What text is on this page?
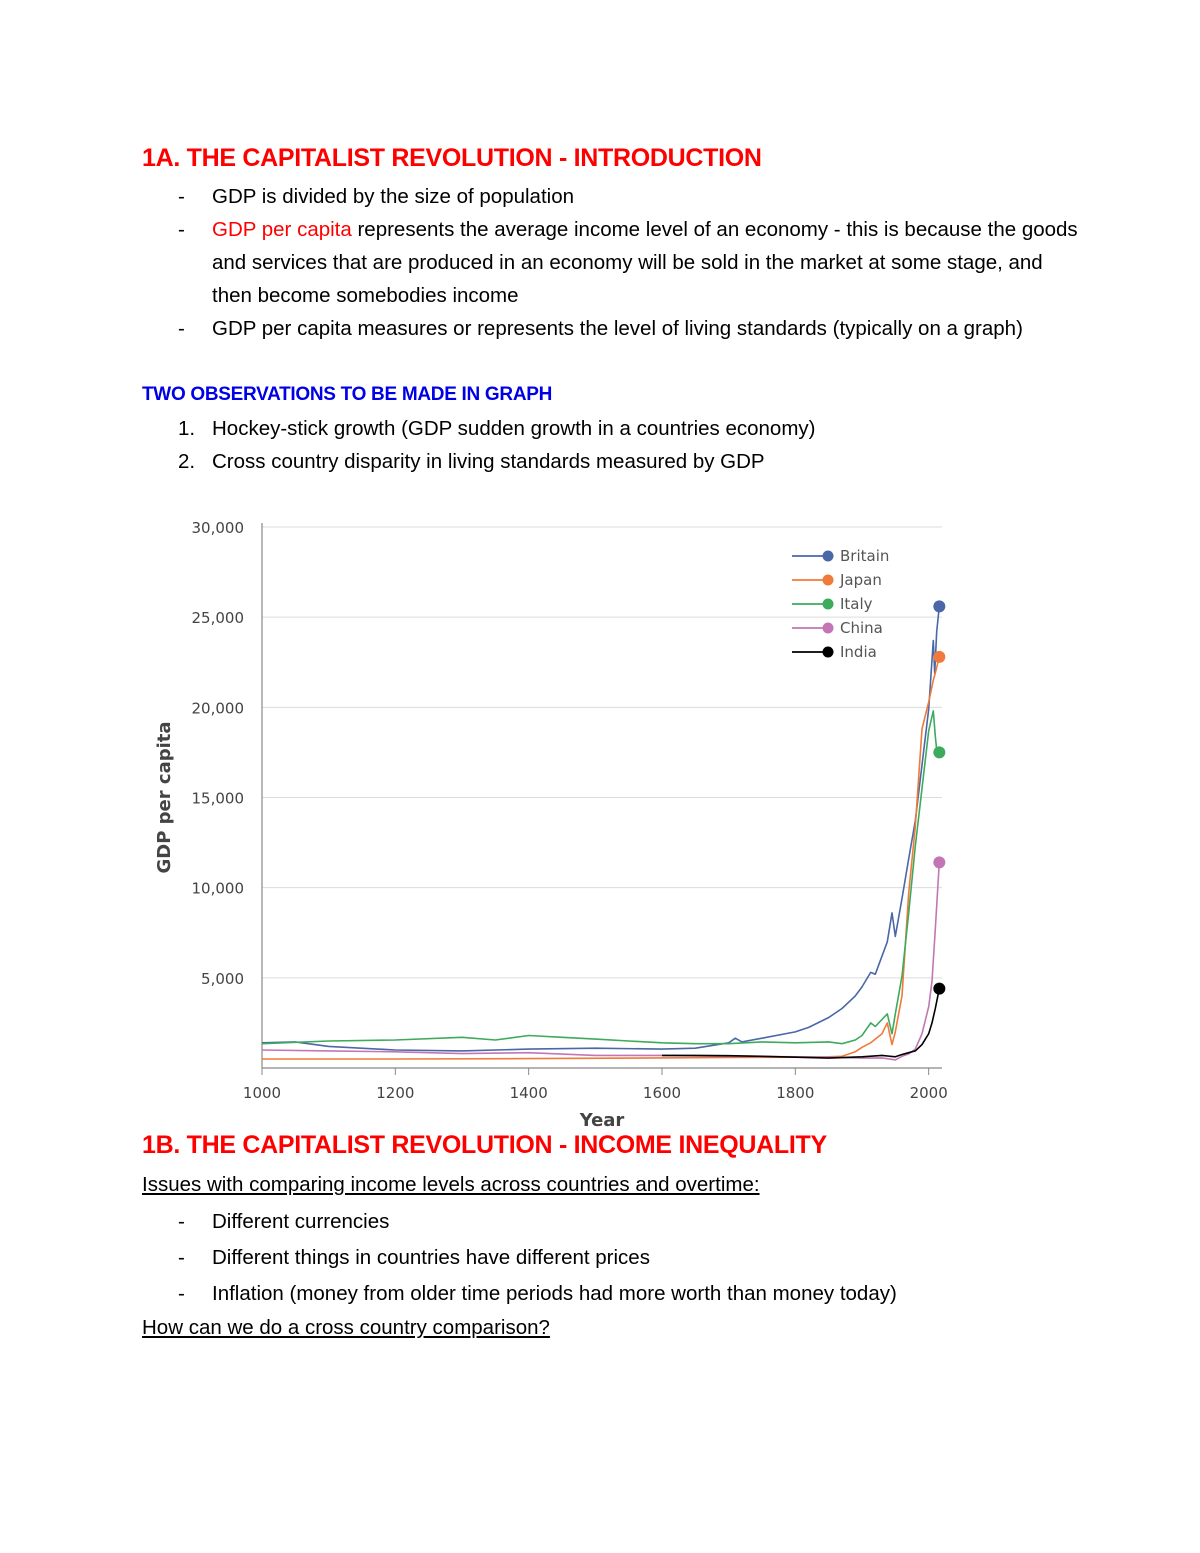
1A. THE CAPITALIST REVOLUTION - INTRODUCTION
- GDP is divided by the size of population
- GDP per capita represents the average income level of an economy - this is because the goods and services that are produced in an economy will be sold in the market at some stage, and then become somebodies income
- GDP per capita measures or represents the level of living standards (typically on a graph)
TWO OBSERVATIONS TO BE MADE IN GRAPH
1. Hockey-stick growth (GDP sudden growth in a countries economy)
2. Cross country disparity in living standards measured by GDP
5,000
10,000
15,000
20,000
25,000
30,000
1000	1200	1400	1600	1800	2000
GDP per capita
Year
Britain
Japan
Italy
China
India
1B. THE CAPITALIST REVOLUTION - INCOME INEQUALITY

Issues with comparing income levels across countries and overtime:

- Different currencies
- Different things in countries have different prices
- Inflation (money from older time periods had more worth than money today)

How can we do a cross country comparison?
